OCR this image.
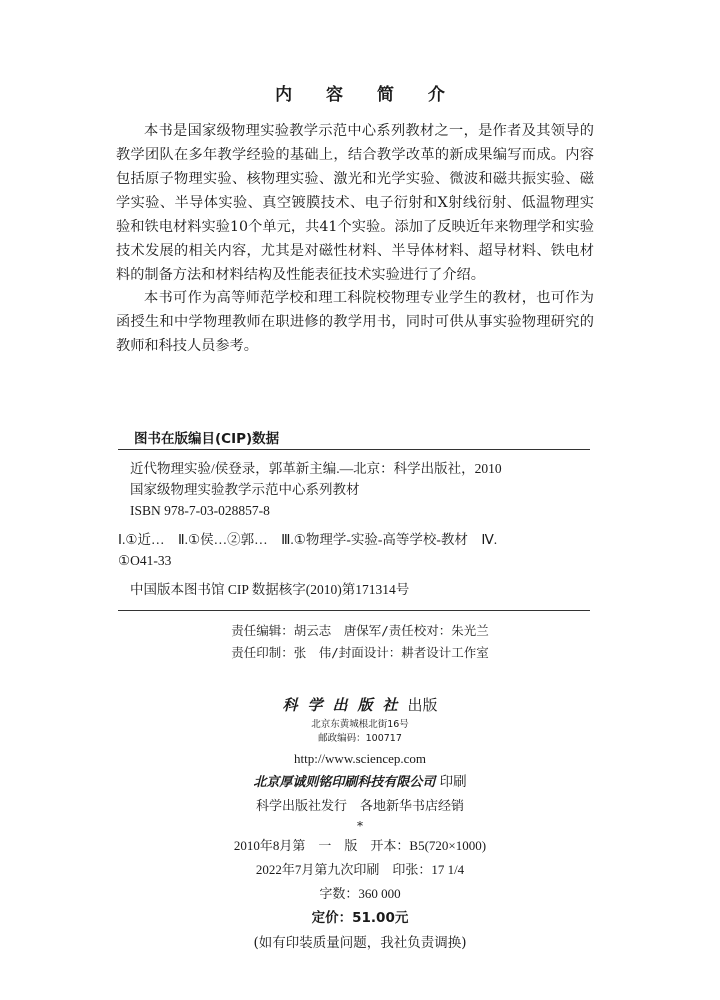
内 容 简 介
本书是国家级物理实验教学示范中心系列教材之一，是作者及其领导的教学团队在多年教学经验的基础上，结合教学改革的新成果编写而成。内容包括原子物理实验、核物理实验、激光和光学实验、微波和磁共振实验、磁学实验、半导体实验、真空镀膜技术、电子衍射和X射线衍射、低温物理实验和铁电材料实验10个单元，共41个实验。添加了反映近年来物理学和实验技术发展的相关内容，尤其是对磁性材料、半导体材料、超导材料、铁电材料的制备方法和材料结构及性能表征技术实验进行了介绍。
本书可作为高等师范学校和理工科院校物理专业学生的教材，也可作为函授生和中学物理教师在职进修的教学用书，同时可供从事实验物理研究的教师和科技人员参考。
图书在版编目(CIP)数据
近代物理实验/侯登录，郭革新主编.—北京：科学出版社，2010
国家级物理实验教学示范中心系列教材
ISBN 978-7-03-028857-8
Ⅰ.①近…　Ⅱ.①侯…②郭…　Ⅲ.①物理学-实验-高等学校-教材　Ⅳ.
①O41-33
中国版本图书馆 CIP 数据核字(2010)第171314号
责任编辑：胡云志　唐保军/责任校对：朱光兰
责任印制：张　伟/封面设计：耕者设计工作室
科学出版社出版
北京东黄城根北街16号
邮政编码：100717
http://www.sciencep.com
北京厚诚则铭印刷科技有限公司 印刷
科学出版社发行　各地新华书店经销
*
2010年8月第　一　版　开本：B5(720×1000)
2022年7月第九次印刷　印张：17 1/4
字数：360 000
定价：51.00元
(如有印装质量问题，我社负责调换)
